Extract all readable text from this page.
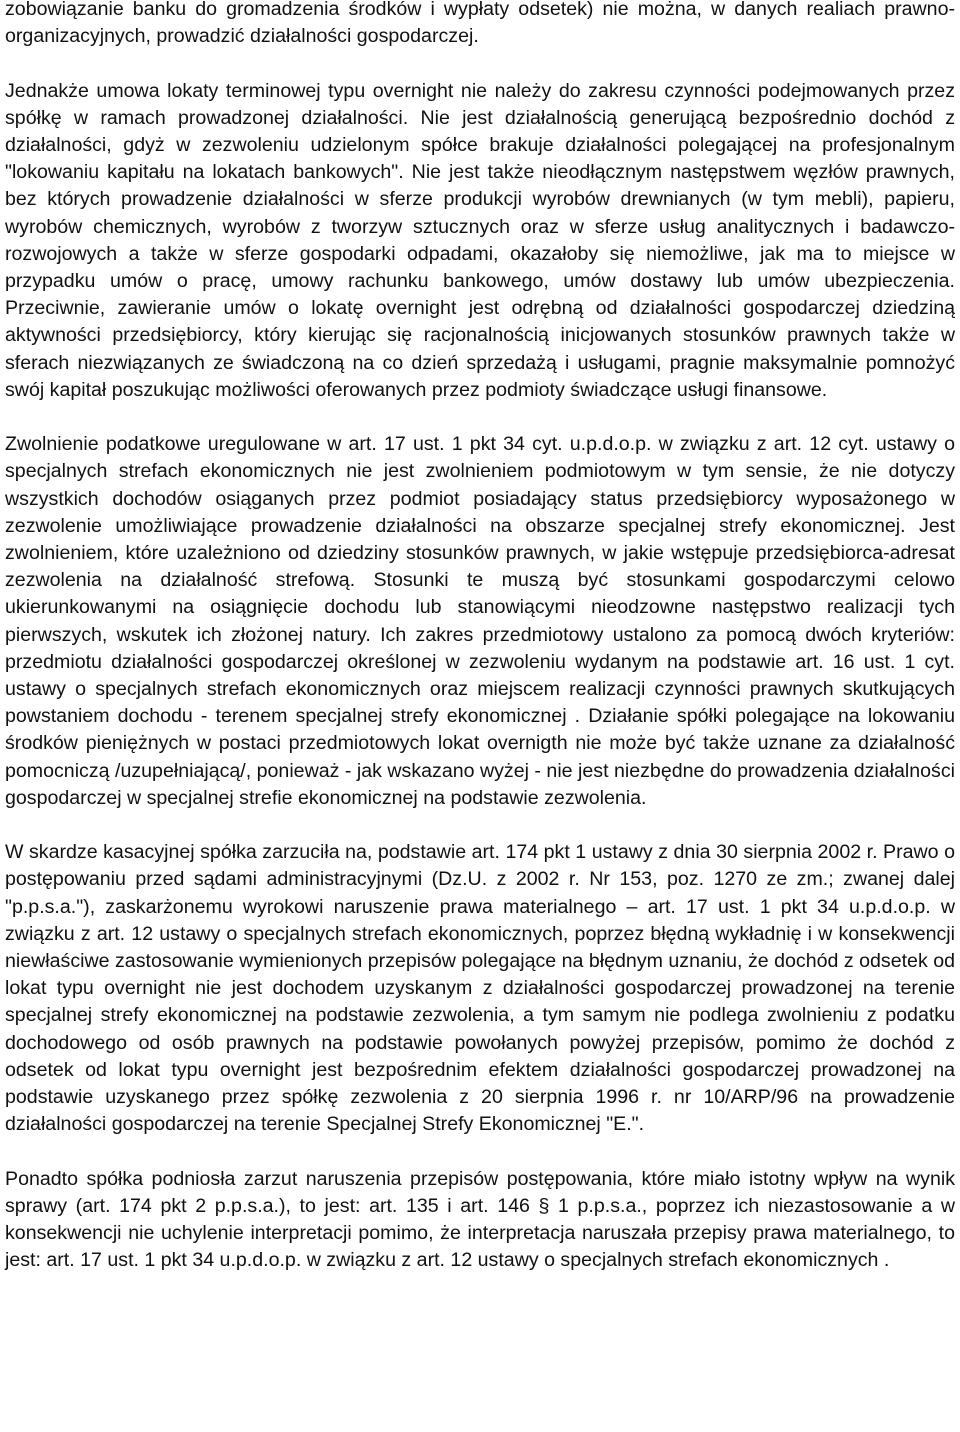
zobowiązanie banku do gromadzenia środków i wypłaty odsetek) nie można, w danych realiach prawno-organizacyjnych, prowadzić działalności gospodarczej.

Jednakże umowa lokaty terminowej typu overnight nie należy do zakresu czynności podejmowanych przez spółkę w ramach prowadzonej działalności. Nie jest działalnością generującą bezpośrednio dochód z działalności, gdyż w zezwoleniu udzielonym spółce brakuje działalności polegającej na profesjonalnym "lokowaniu kapitału na lokatach bankowych". Nie jest także nieodłącznym następstwem węzłów prawnych, bez których prowadzenie działalności w sferze produkcji wyrobów drewnianych (w tym mebli), papieru, wyrobów chemicznych, wyrobów z tworzyw sztucznych oraz w sferze usług analitycznych i badawczo-rozwojowych a także w sferze gospodarki odpadami, okazałoby się niemożliwe, jak ma to miejsce w przypadku umów o pracę, umowy rachunku bankowego, umów dostawy lub umów ubezpieczenia. Przeciwnie, zawieranie umów o lokatę overnight jest odrębną od działalności gospodarczej dziedziną aktywności przedsiębiorcy, który kierując się racjonalnością inicjowanych stosunków prawnych także w sferach niezwiązanych ze świadczoną na co dzień sprzedażą i usługami, pragnie maksymalnie pomnożyć swój kapitał poszukując możliwości oferowanych przez podmioty świadczące usługi finansowe.

Zwolnienie podatkowe uregulowane w art. 17 ust. 1 pkt 34 cyt. u.p.d.o.p. w związku z art. 12 cyt. ustawy o specjalnych strefach ekonomicznych nie jest zwolnieniem podmiotowym w tym sensie, że nie dotyczy wszystkich dochodów osiąganych przez podmiot posiadający status przedsiębiorcy wyposażonego w zezwolenie umożliwiające prowadzenie działalności na obszarze specjalnej strefy ekonomicznej. Jest zwolnieniem, które uzależniono od dziedziny stosunków prawnych, w jakie wstępuje przedsiębiorca-adresat zezwolenia na działalność strefową. Stosunki te muszą być stosunkami gospodarczymi celowo ukierunkowanymi na osiągnięcie dochodu lub stanowiącymi nieodzowne następstwo realizacji tych pierwszych, wskutek ich złożonej natury. Ich zakres przedmiotowy ustalono za pomocą dwóch kryteriów: przedmiotu działalności gospodarczej określonej w zezwoleniu wydanym na podstawie art. 16 ust. 1 cyt. ustawy o specjalnych strefach ekonomicznych oraz miejscem realizacji czynności prawnych skutkujących powstaniem dochodu - terenem specjalnej strefy ekonomicznej . Działanie spółki polegające na lokowaniu środków pieniężnych w postaci przedmiotowych lokat overnigth nie może być także uznane za działalność pomocniczą /uzupełniającą/, ponieważ - jak wskazano wyżej - nie jest niezbędne do prowadzenia działalności gospodarczej w specjalnej strefie ekonomicznej na podstawie zezwolenia.

W skardze kasacyjnej spółka zarzuciła na, podstawie art. 174 pkt 1 ustawy z dnia 30 sierpnia 2002 r. Prawo o postępowaniu przed sądami administracyjnymi (Dz.U. z 2002 r. Nr 153, poz. 1270 ze zm.; zwanej dalej "p.p.s.a."), zaskarżonemu wyrokowi naruszenie prawa materialnego – art. 17 ust. 1 pkt 34 u.p.d.o.p. w związku z art. 12 ustawy o specjalnych strefach ekonomicznych, poprzez błędną wykładnię i w konsekwencji niewłaściwe zastosowanie wymienionych przepisów polegające na błędnym uznaniu, że dochód z odsetek od lokat typu overnight nie jest dochodem uzyskanym z działalności gospodarczej prowadzonej na terenie specjalnej strefy ekonomicznej na podstawie zezwolenia, a tym samym nie podlega zwolnieniu z podatku dochodowego od osób prawnych na podstawie powołanych powyżej przepisów, pomimo że dochód z odsetek od lokat typu overnight jest bezpośrednim efektem działalności gospodarczej prowadzonej na podstawie uzyskanego przez spółkę zezwolenia z 20 sierpnia 1996 r. nr 10/ARP/96 na prowadzenie działalności gospodarczej na terenie Specjalnej Strefy Ekonomicznej "E.".

Ponadto spółka podniosła zarzut naruszenia przepisów postępowania, które miało istotny wpływ na wynik sprawy (art. 174 pkt 2 p.p.s.a.), to jest: art. 135 i art. 146 § 1 p.p.s.a., poprzez ich niezastosowanie a w konsekwencji nie uchylenie interpretacji pomimo, że interpretacja naruszała przepisy prawa materialnego, to jest: art. 17 ust. 1 pkt 34 u.p.d.o.p. w związku z art. 12 ustawy o specjalnych strefach ekonomicznych .
